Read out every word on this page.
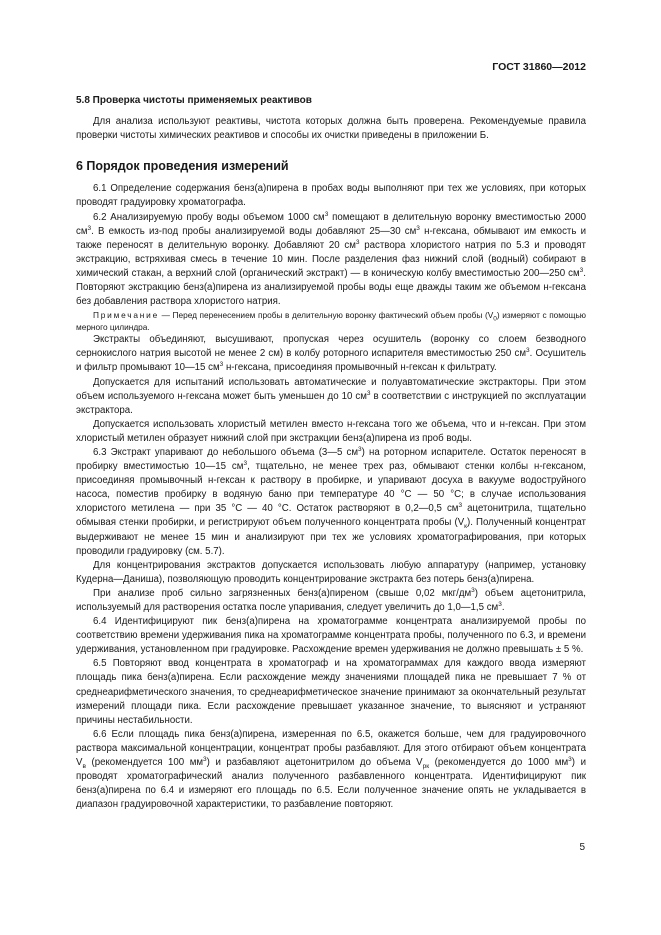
ГОСТ 31860—2012
5.8 Проверка чистоты применяемых реактивов

Для анализа используют реактивы, чистота которых должна быть проверена. Рекомендуемые правила проверки чистоты химических реактивов и способы их очистки приведены в приложении Б.

6 Порядок проведения измерений

6.1 Определение содержания бенз(а)пирена в пробах воды выполняют при тех же условиях, при которых проводят градуировку хроматографа.

6.2 Анализируемую пробу воды объемом 1000 $см^3$ помещают в делительную воронку вместимостью 2000 $см^3$. В емкость из-под пробы анализируемой воды добавляют 25—30 $см^3$ н-гексана, обмывают им емкость и также переносят в делительную воронку. Добавляют 20 $см^3$ раствора хлористого натрия по 5.3 и проводят экстракцию, встряхивая смесь в течение 10 мин. После разделения фаз нижний слой (водный) собирают в химический стакан, а верхний слой (органический экстракт) — в коническую колбу вместимостью 200—250 $см^3$. Повторяют экстракцию бенз(а)пирена из анализируемой пробы воды еще дважды таким же объемом н-гексана без добавления раствора хлористого натрия.

Примечание — Перед перенесением пробы в делительную воронку фактический объем пробы $(V_0)$ измеряют с помощью мерного цилиндра.

Экстракты объединяют, высушивают, пропуская через осушитель (воронку со слоем безводного сернокислого натрия высотой не менее 2 см) в колбу роторного испарителя вместимостью 250 $см^3$. Осушитель и фильтр промывают 10—15 $см^3$ н-гексана, присоединяя промывочный н-гексан к фильтрату.

Допускается для испытаний использовать автоматические и полуавтоматические экстракторы. При этом объем используемого н-гексана может быть уменьшен до 10 $см^3$ в соответствии с инструкцией по эксплуатации экстрактора.

Допускается использовать хлористый метилен вместо н-гексана того же объема, что и н-гексан. При этом хлористый метилен образует нижний слой при экстракции бенз(а)пирена из проб воды.

6.3 Экстракт упаривают до небольшого объема (3—5 $см^3$) на роторном испарителе. Остаток переносят в пробирку вместимостью 10—15 $см^3$, тщательно, не менее трех раз, обмывают стенки колбы н-гексаном, присоединяя промывочный н-гексан к раствору в пробирке, и упаривают досуха в вакууме водоструйного насоса, поместив пробирку в водяную баню при температуре 40 °С — 50 °С; в случае использования хлористого метилена — при 35 °С — 40 °С. Остаток растворяют в 0,2—0,5 $см^3$ ацетонитрила, тщательно обмывая стенки пробирки, и регистрируют объем полученного концентрата пробы $(V_к)$. Полученный концентрат выдерживают не менее 15 мин и анализируют при тех же условиях хроматографирования, при которых проводили градуировку (см. 5.7).

Для концентрирования экстрактов допускается использовать любую аппаратуру (например, установку Кудерна—Даниша), позволяющую проводить концентрирование экстракта без потерь бенз(а)пирена.

При анализе проб сильно загрязненных бенз(а)пиреном (свыше 0,02 мкг/$дм^3$) объем ацетонитрила, используемый для растворения остатка после упаривания, следует увеличить до 1,0—1,5 $см^3$.

6.4 Идентифицируют пик бенз(а)пирена на хроматограмме концентрата анализируемой пробы по соответствию времени удерживания пика на хроматограмме концентрата пробы, полученного по 6.3, и времени удерживания, установленном при градуировке. Расхождение времен удерживания не должно превышать ± 5 %.

6.5 Повторяют ввод концентрата в хроматограф и на хроматограммах для каждого ввода измеряют площадь пика бенз(а)пирена. Если расхождение между значениями площадей пика не превышает 7 % от среднеарифметического значения, то среднеарифметическое значение принимают за окончательный результат измерений площади пика. Если расхождение превышает указанное значение, то выясняют и устраняют причины нестабильности.

6.6 Если площадь пика бенз(а)пирена, измеренная по 6.5, окажется больше, чем для градуировочного раствора максимальной концентрации, концентрат пробы разбавляют. Для этого отбирают объем концентрата $V_в$ (рекомендуется 100 $мм^3$) и разбавляют ацетонитрилом до объема $V_{рк}$ (рекомендуется до 1000 $мм^3$) и проводят хроматографический анализ полученного разбавленного концентрата. Идентифицируют пик бенз(а)пирена по 6.4 и измеряют его площадь по 6.5. Если полученное значение опять не укладывается в диапазон градуировочной характеристики, то разбавление повторяют.

5
